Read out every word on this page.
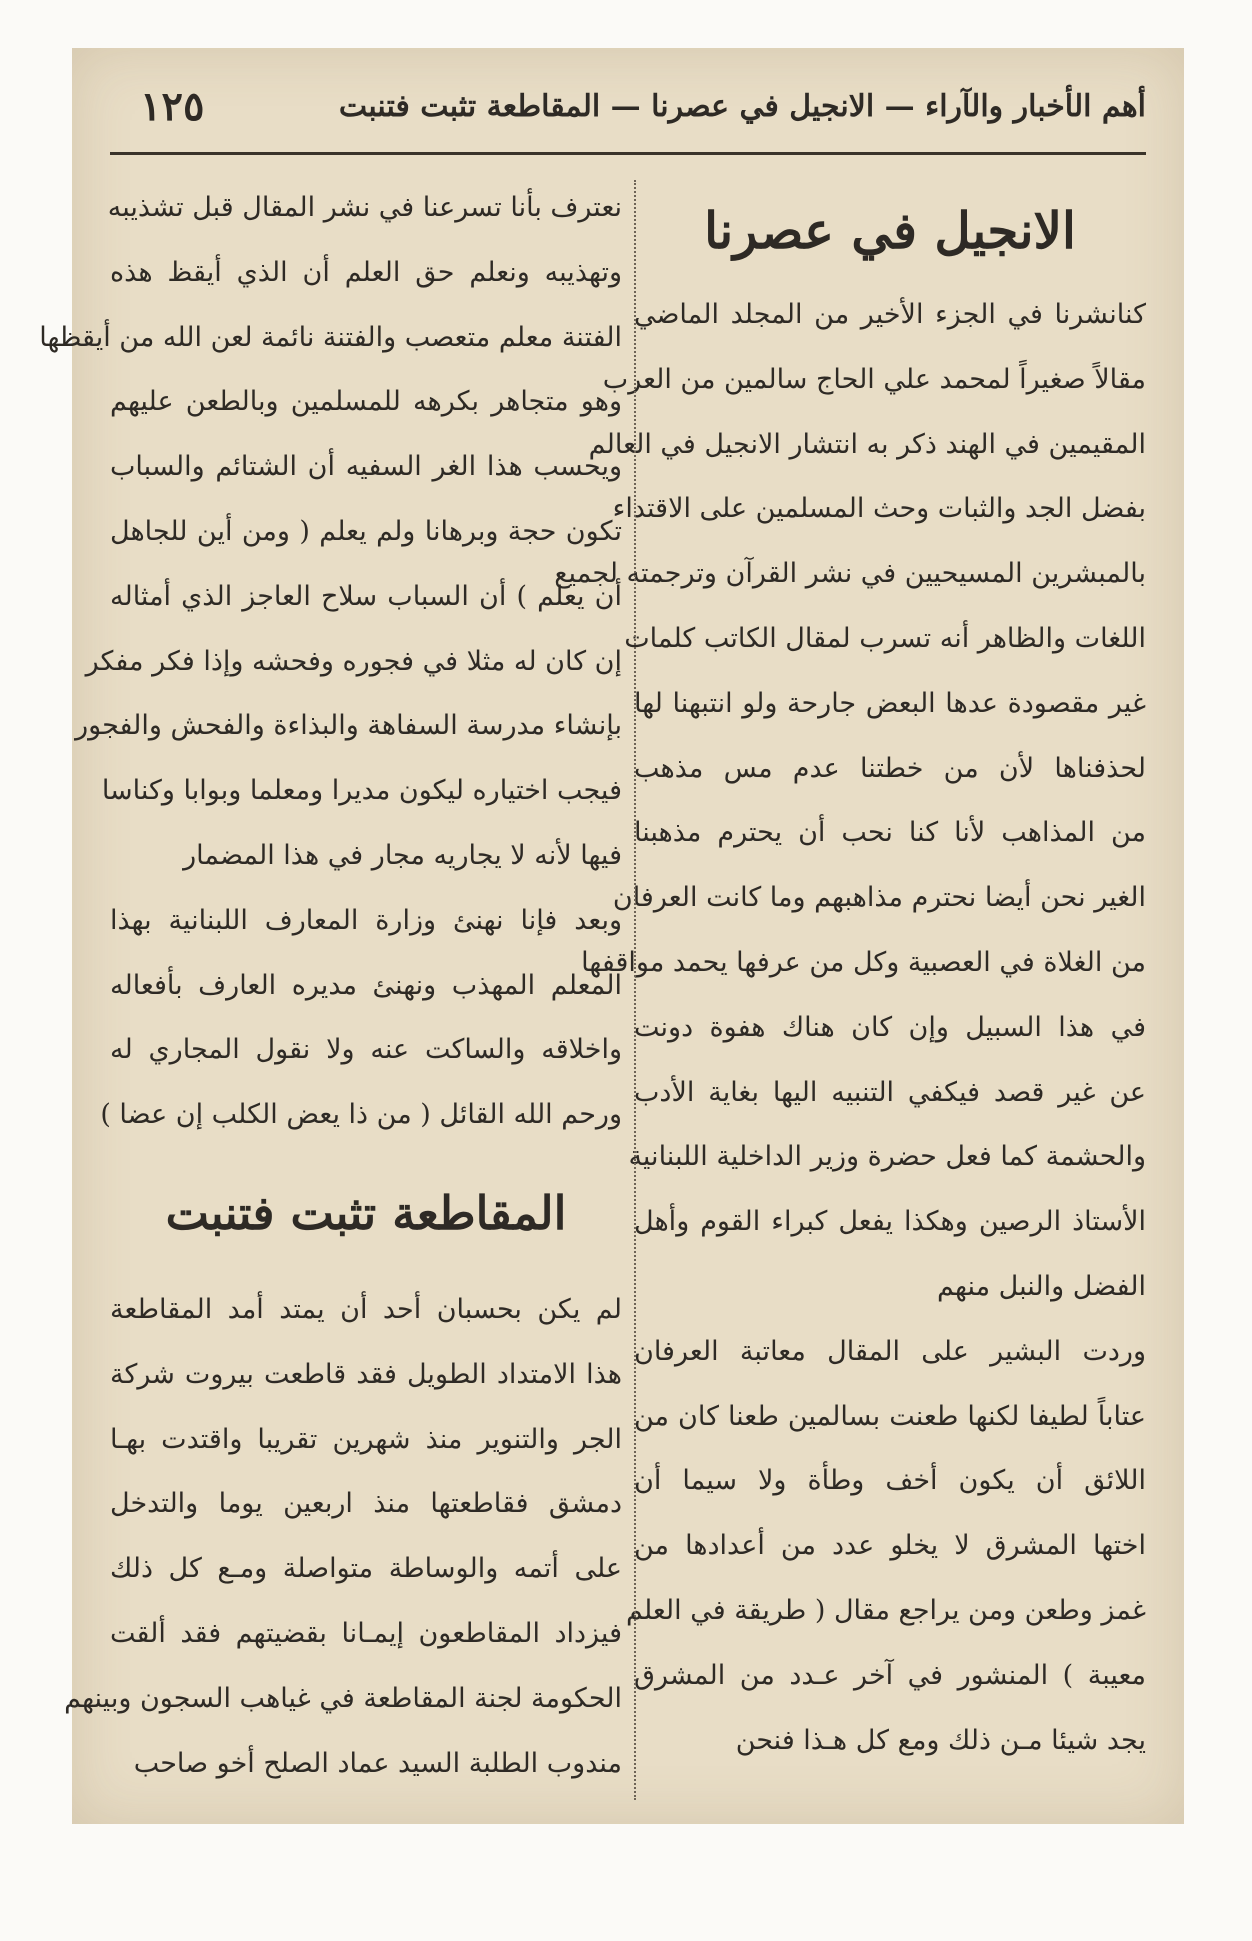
أهم الأخبار والآراء — الانجيل في عصرنا — المقاطعة تثبت فتنبت
١٢٥
الانجيل في عصرنا
كنانشرنا في الجزء الأخير من المجلد الماضي
مقالاً صغيراً لمحمد علي الحاج سالمين من العرب
المقيمين في الهند ذكر به انتشار الانجيل في العالم
بفضل الجد والثبات وحث المسلمين على الاقتداء
بالمبشرين المسيحيين في نشر القرآن وترجمته لجميع
اللغات والظاهر أنه تسرب لمقال الكاتب كلمات
غير مقصودة عدها البعض جارحة ولو انتبهنا لها
لحذفناها لأن من خطتنا عدم مس مذهب
من المذاهب لأنا كنا نحب أن يحترم مذهبنا
الغير نحن أيضا نحترم مذاهبهم وما كانت العرفان
من الغلاة في العصبية وكل من عرفها يحمد مواقفها
في هذا السبيل وإن كان هناك هفوة دونت
عن غير قصد فيكفي التنبيه اليها بغاية الأدب
والحشمة كما فعل حضرة وزير الداخلية اللبنانية
الأستاذ الرصين وهكذا يفعل كبراء القوم وأهل
الفضل والنبل منهم
وردت البشير على المقال معاتبة العرفان
عتاباً لطيفا لكنها طعنت بسالمين طعنا كان من
اللائق أن يكون أخف وطأة ولا سيما أن
اختها المشرق لا يخلو عدد من أعدادها من
غمز وطعن ومن يراجع مقال ( طريقة في العلم
معيبة ) المنشور في آخر عـدد من المشرق
يجد شيئا مـن ذلك ومع كل هـذا فنحن
نعترف بأنا تسرعنا في نشر المقال قبل تشذيبه
وتهذيبه ونعلم حق العلم أن الذي أيقظ هذه
الفتنة معلم متعصب والفتنة نائمة لعن الله من أيقظها
وهو متجاهر بكرهه للمسلمين وبالطعن عليهم
ويحسب هذا الغر السفيه أن الشتائم والسباب
تكون حجة وبرهانا ولم يعلم ( ومن أين للجاهل
أن يعلم ) أن السباب سلاح العاجز الذي أمثاله
إن كان له مثلا في فجوره وفحشه وإذا فكر مفكر
بإنشاء مدرسة السفاهة والبذاءة والفحش والفجور
فيجب اختياره ليكون مديرا ومعلما وبوابا وكناسا
فيها لأنه لا يجاريه مجار في هذا المضمار
وبعد فإنا نهنئ وزارة المعارف اللبنانية بهذا
المعلم المهذب ونهنئ مديره العارف بأفعاله
واخلاقه والساكت عنه ولا نقول المجاري له
ورحم الله القائل ( من ذا يعض الكلب إن عضا )
المقاطعة تثبت فتنبت
لم يكن بحسبان أحد أن يمتد أمد المقاطعة
هذا الامتداد الطويل فقد قاطعت بيروت شركة
الجر والتنوير منذ شهرين تقريبا واقتدت بهـا
دمشق فقاطعتها منذ اربعين يوما والتدخل
على أتمه والوساطة متواصلة ومـع كل ذلك
فيزداد المقاطعون إيمـانا بقضيتهم فقد ألقت
الحكومة لجنة المقاطعة في غياهب السجون وبينهم
مندوب الطلبة السيد عماد الصلح أخو صاحب
